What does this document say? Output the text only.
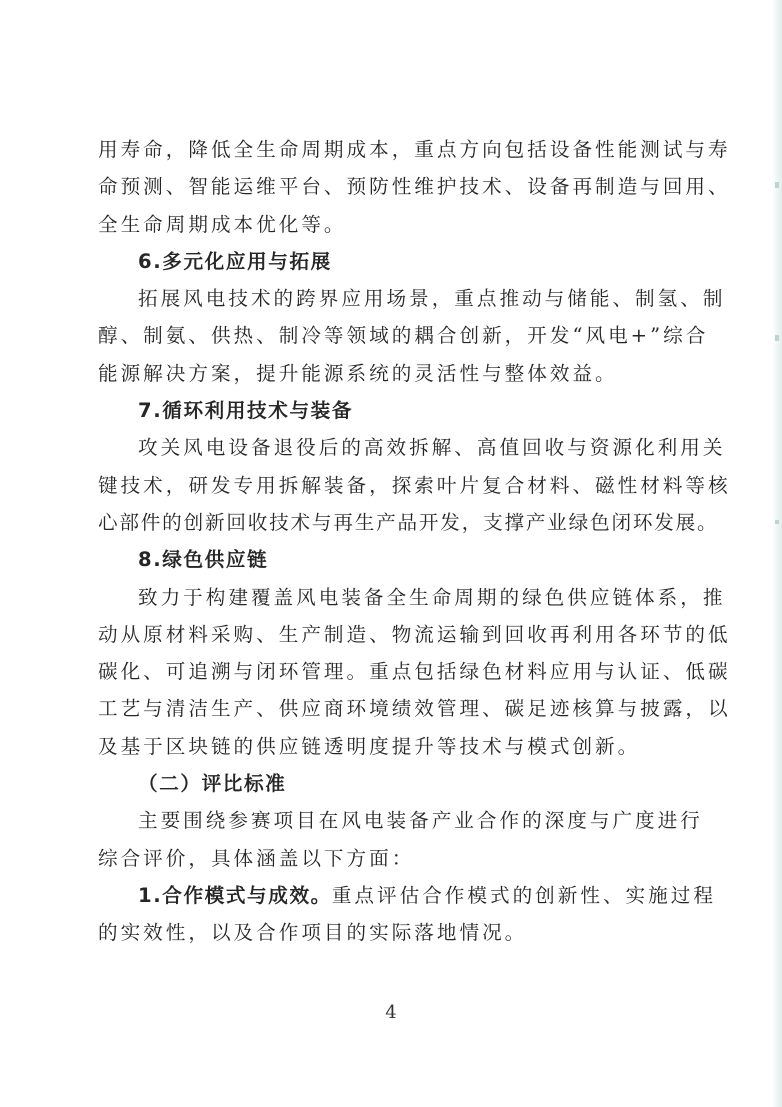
用寿命，降低全生命周期成本，重点方向包括设备性能测试与寿
命预测、智能运维平台、预防性维护技术、设备再制造与回用、
全生命周期成本优化等。
6.多元化应用与拓展
拓展风电技术的跨界应用场景，重点推动与储能、制氢、制
醇、制氨、供热、制冷等领域的耦合创新，开发“风电+”综合
能源解决方案，提升能源系统的灵活性与整体效益。
7.循环利用技术与装备
攻关风电设备退役后的高效拆解、高值回收与资源化利用关
键技术，研发专用拆解装备，探索叶片复合材料、磁性材料等核
心部件的创新回收技术与再生产品开发，支撑产业绿色闭环发展。
8.绿色供应链
致力于构建覆盖风电装备全生命周期的绿色供应链体系，推
动从原材料采购、生产制造、物流运输到回收再利用各环节的低
碳化、可追溯与闭环管理。重点包括绿色材料应用与认证、低碳
工艺与清洁生产、供应商环境绩效管理、碳足迹核算与披露，以
及基于区块链的供应链透明度提升等技术与模式创新。
（二）评比标准
主要围绕参赛项目在风电装备产业合作的深度与广度进行
综合评价，具体涵盖以下方面：
1.合作模式与成效。重点评估合作模式的创新性、实施过程
的实效性，以及合作项目的实际落地情况。
4
